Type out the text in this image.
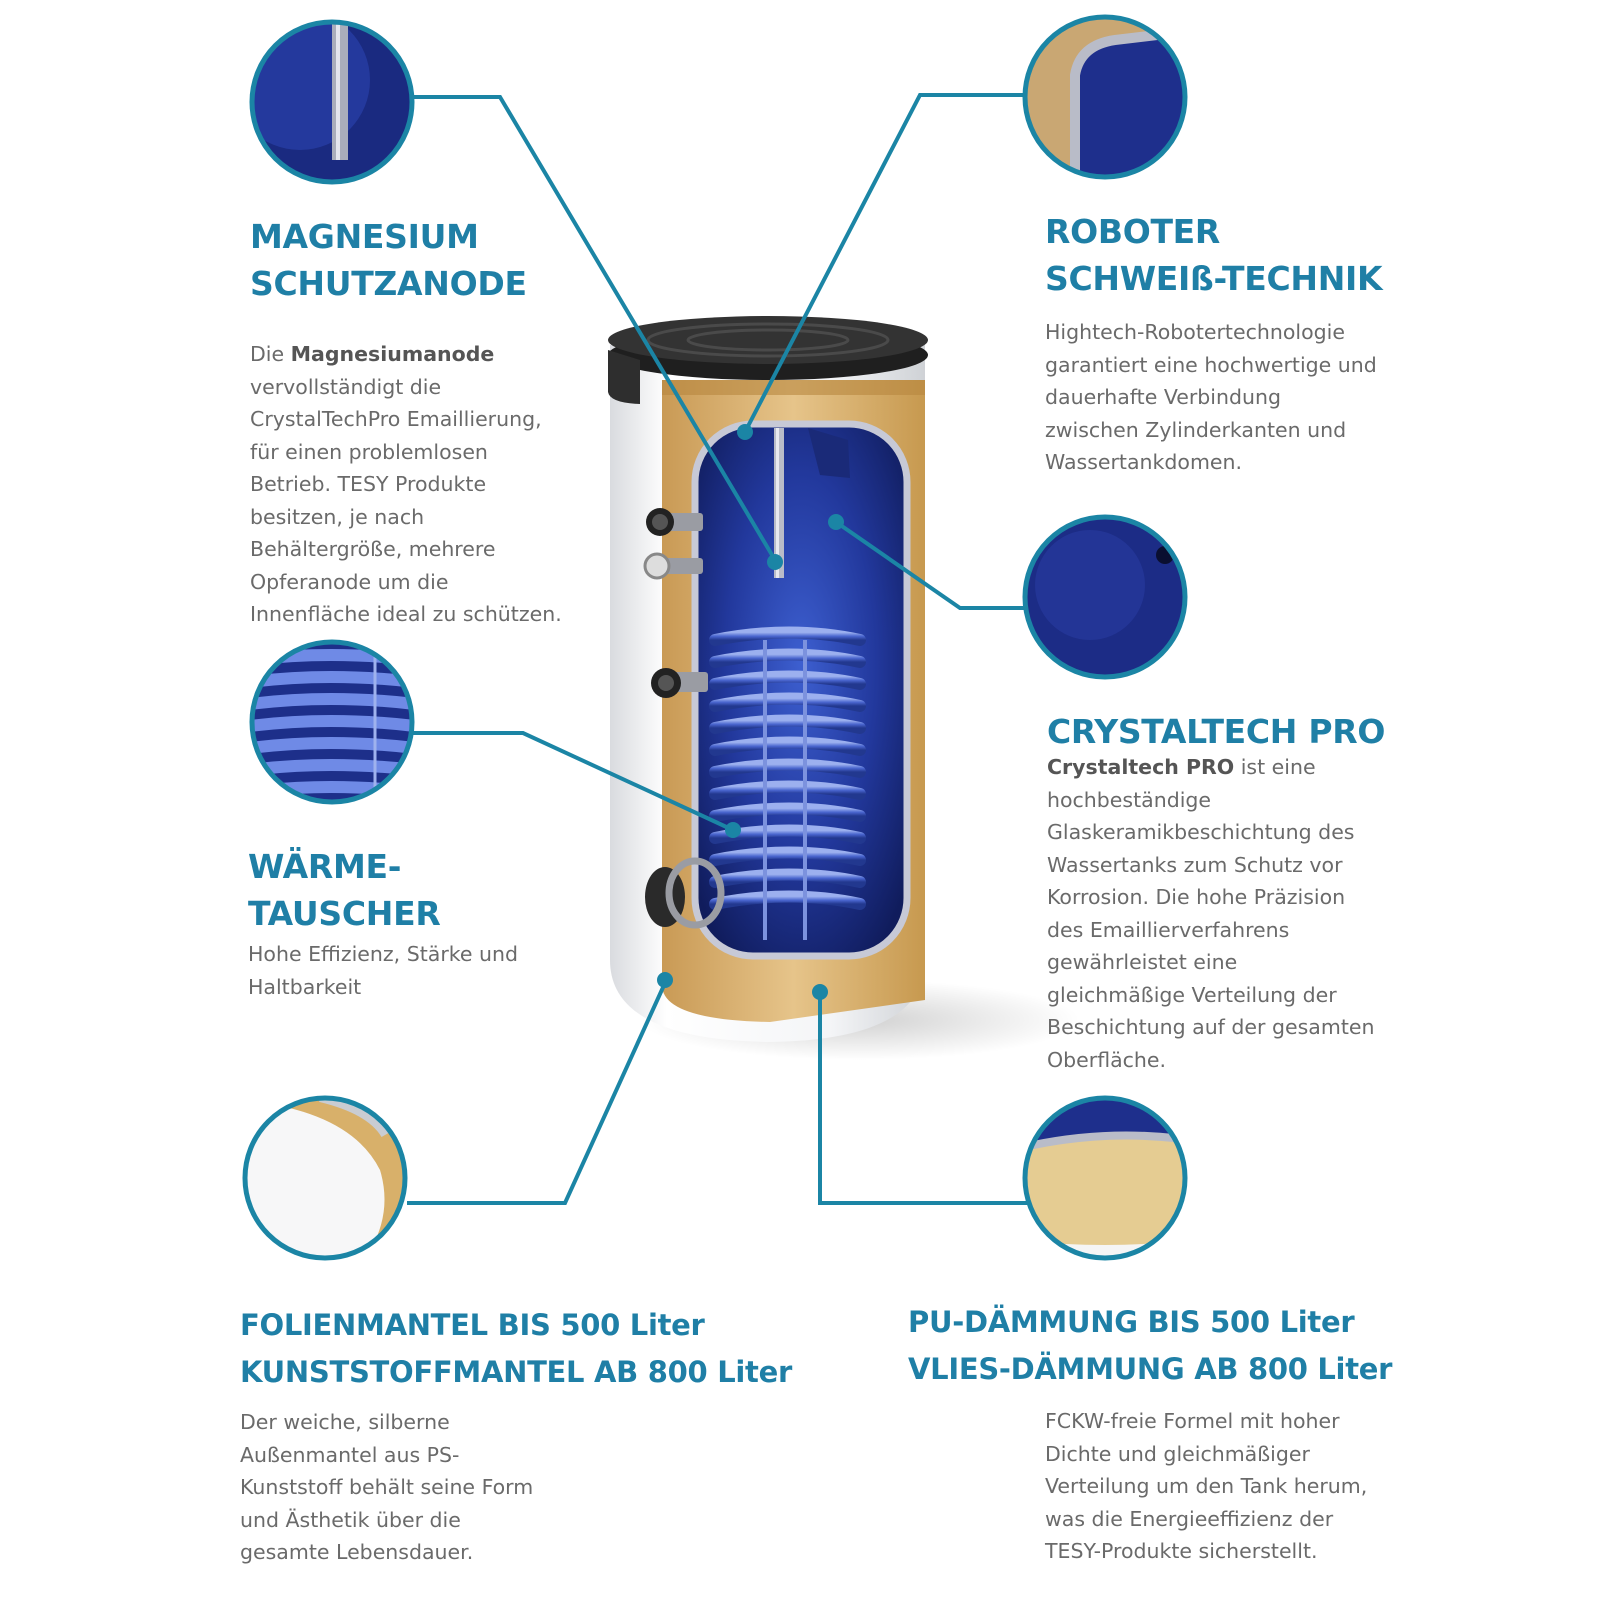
MAGNESIUM
SCHUTZANODE
Die Magnesiumanode
vervollständigt die
CrystalTechPro Emaillierung,
für einen problemlosen
Betrieb. TESY Produkte
besitzen, je nach
Behältergröße, mehrere
Opferanode um die
Innenfläche ideal zu schützen.
ROBOTER
SCHWEIß-TECHNIK
Hightech-Robotertechnologie
garantiert eine hochwertige und
dauerhafte Verbindung
zwischen Zylinderkanten und
Wassertankdomen.
WÄRME-
TAUSCHER
Hohe Effizienz, Stärke und
Haltbarkeit
CRYSTALTECH PRO
Crystaltech PRO ist eine
hochbeständige
Glaskeramikbeschichtung des
Wassertanks zum Schutz vor
Korrosion. Die hohe Präzision
des Emaillierverfahrens
gewährleistet eine
gleichmäßige Verteilung der
Beschichtung auf der gesamten
Oberfläche.
FOLIENMANTEL BIS 500 Liter
KUNSTSTOFFMANTEL AB 800 Liter
Der weiche, silberne
Außenmantel aus PS-
Kunststoff behält seine Form
und Ästhetik über die
gesamte Lebensdauer.
PU-DÄMMUNG BIS 500 Liter
VLIES-DÄMMUNG AB 800 Liter
FCKW-freie Formel mit hoher
Dichte und gleichmäßiger
Verteilung um den Tank herum,
was die Energieeffizienz der
TESY-Produkte sicherstellt.
